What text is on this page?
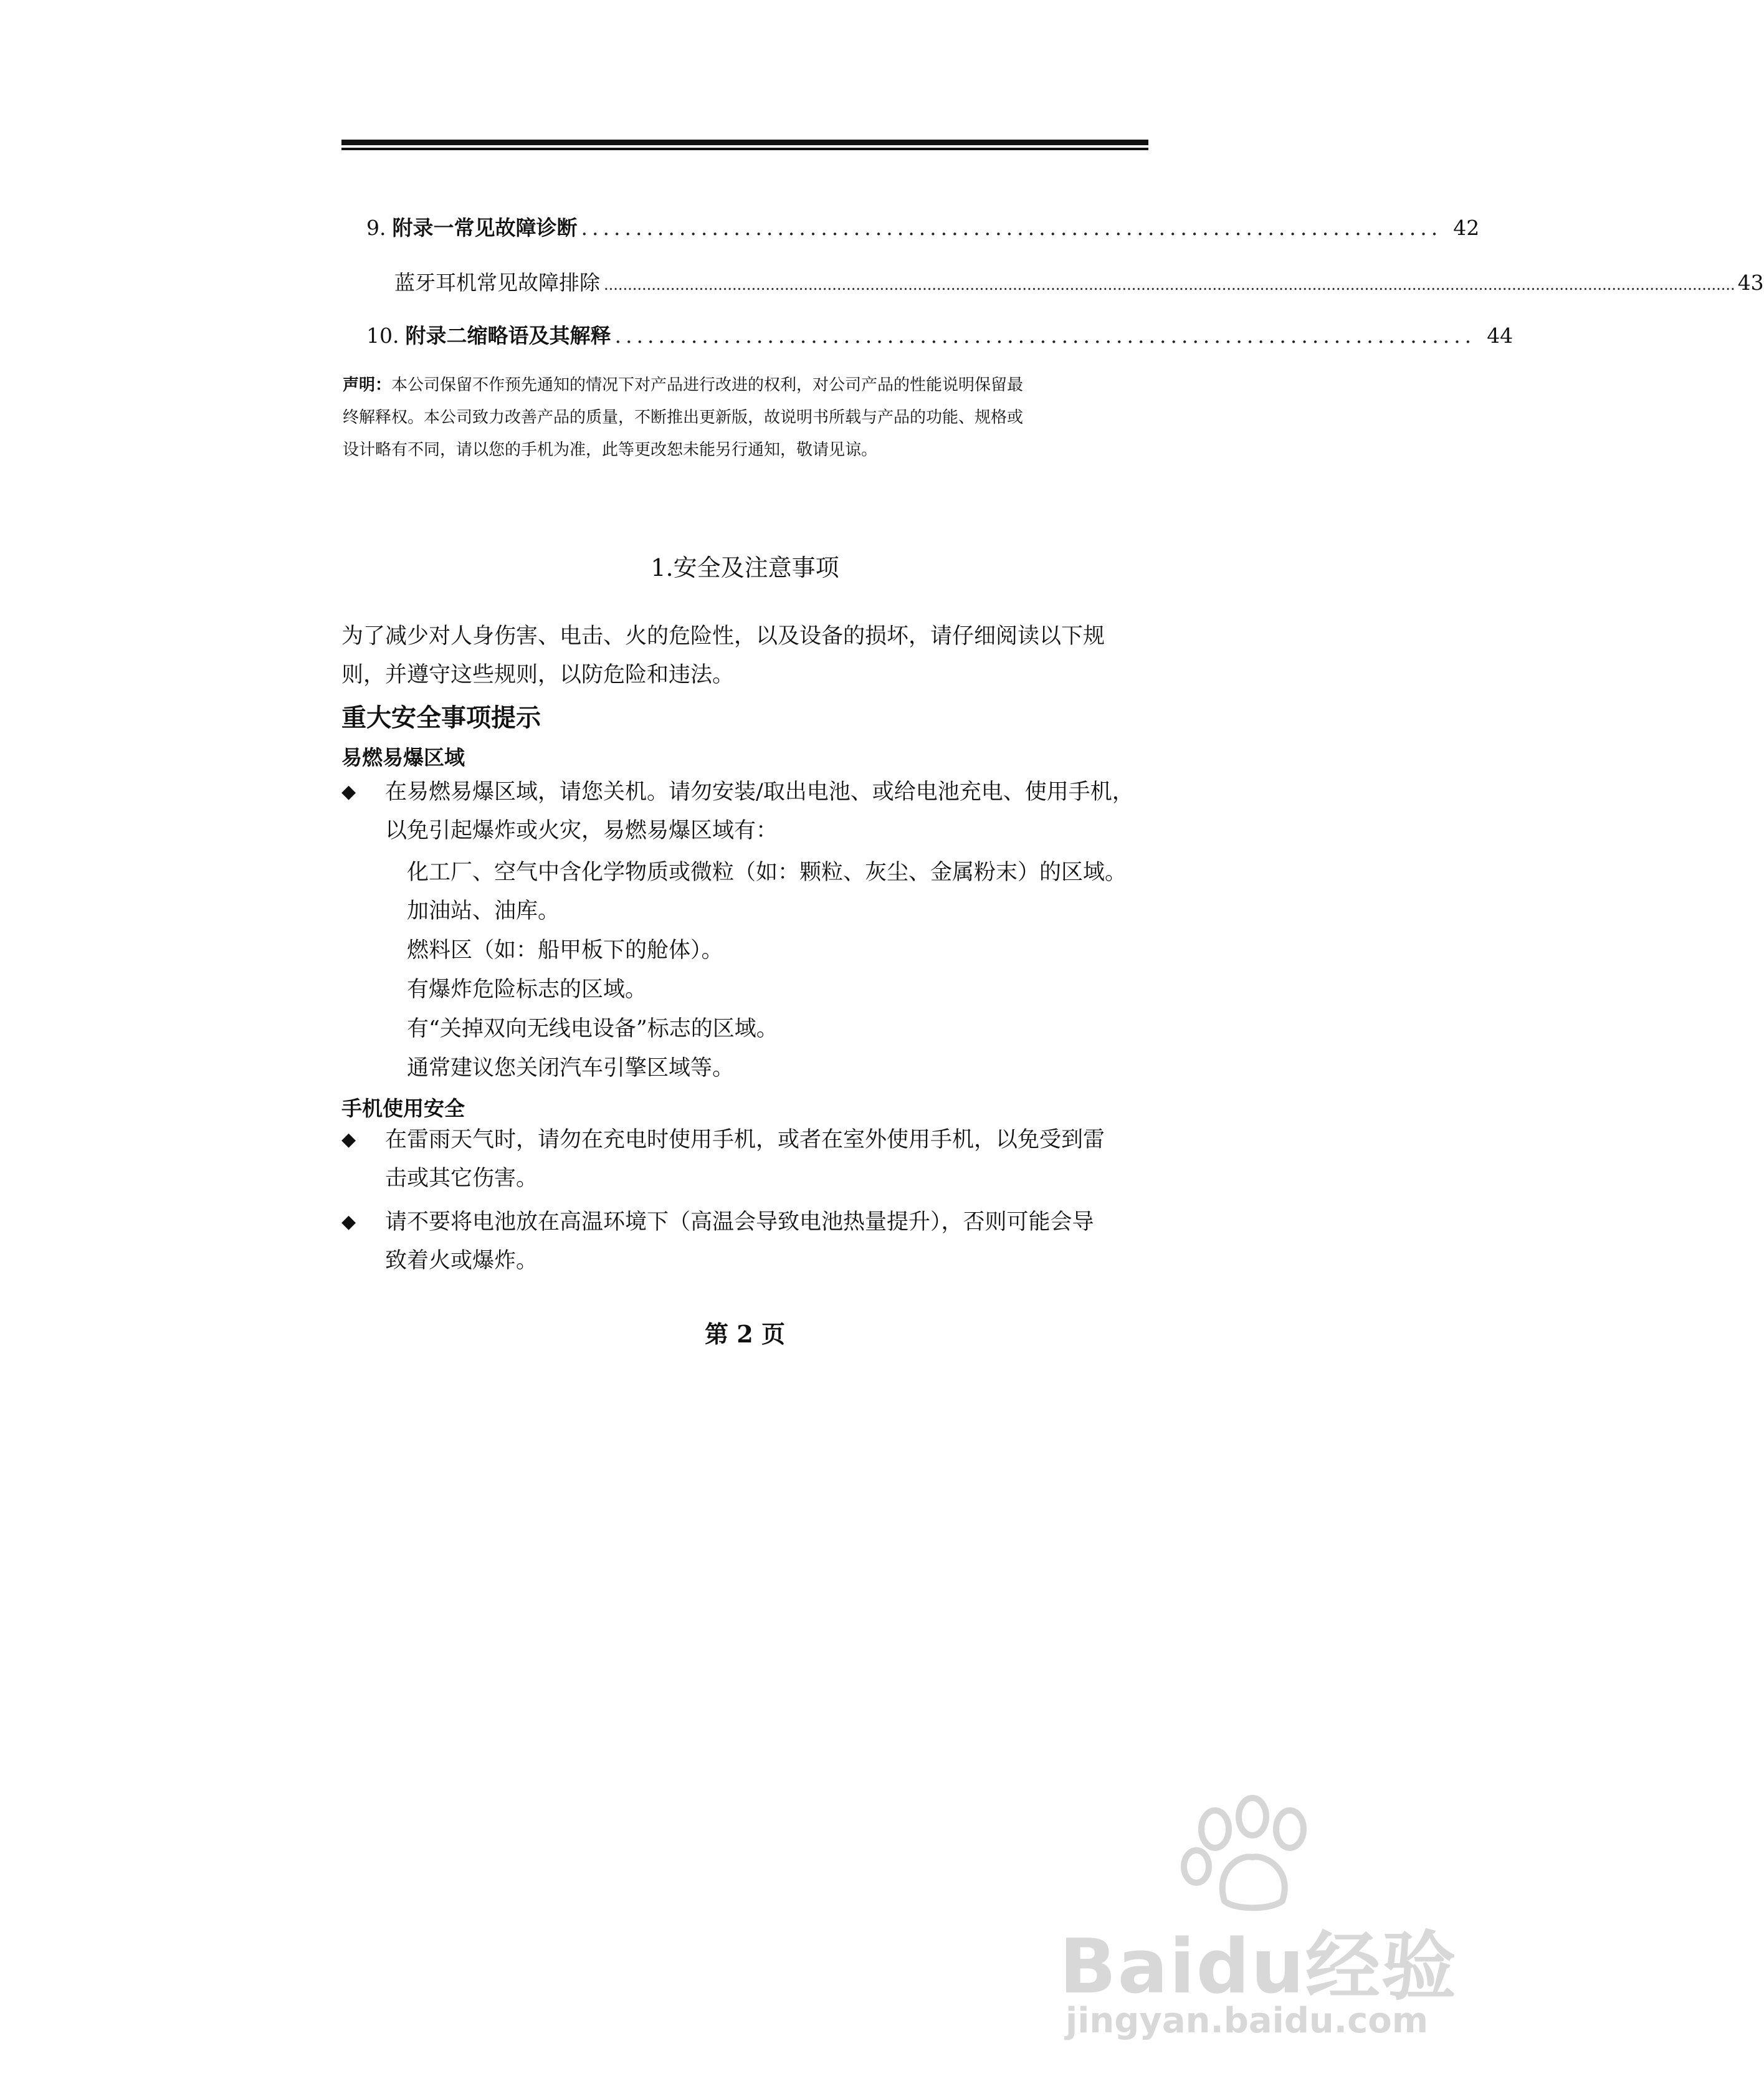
9. 附录一 常见故障诊断 ............................................................................... 42
蓝牙耳机常见故障排除 .............................................................................................................................................................................................................................................. 43
10. 附录二 缩略语及其解释 ............................................................................... 44
声明：本公司保留不作预先通知的情况下对产品进行改进的权利，对公司产品的性能说明保留最
终解释权。本公司致力改善产品的质量，不断推出更新版，故说明书所载与产品的功能、规格或
设计略有不同，请以您的手机为准，此等更改恕未能另行通知，敬请见谅。
1.安全及注意事项
为了减少对人身伤害、电击、火的危险性，以及设备的损坏，请仔细阅读以下规
则，并遵守这些规则，以防危险和违法。
重大安全事项提示
易燃易爆区域
◆	在易燃易爆区域，请您关机。请勿安装/取出电池、或给电池充电、使用手机，
以免引起爆炸或火灾，易燃易爆区域有：
化工厂、空气中含化学物质或微粒（如：颗粒、灰尘、金属粉末）的区域。
加油站、油库。
燃料区（如：船甲板下的舱体）。
有爆炸危险标志的区域。
有“关掉双向无线电设备”标志的区域。
通常建议您关闭汽车引擎区域等。
手机使用安全
◆	在雷雨天气时，请勿在充电时使用手机，或者在室外使用手机，以免受到雷
击或其它伤害。
◆	请不要将电池放在高温环境下（高温会导致电池热量提升），否则可能会导
致着火或爆炸。
第 2 页
Baidu经验
jingyan.baidu.com
